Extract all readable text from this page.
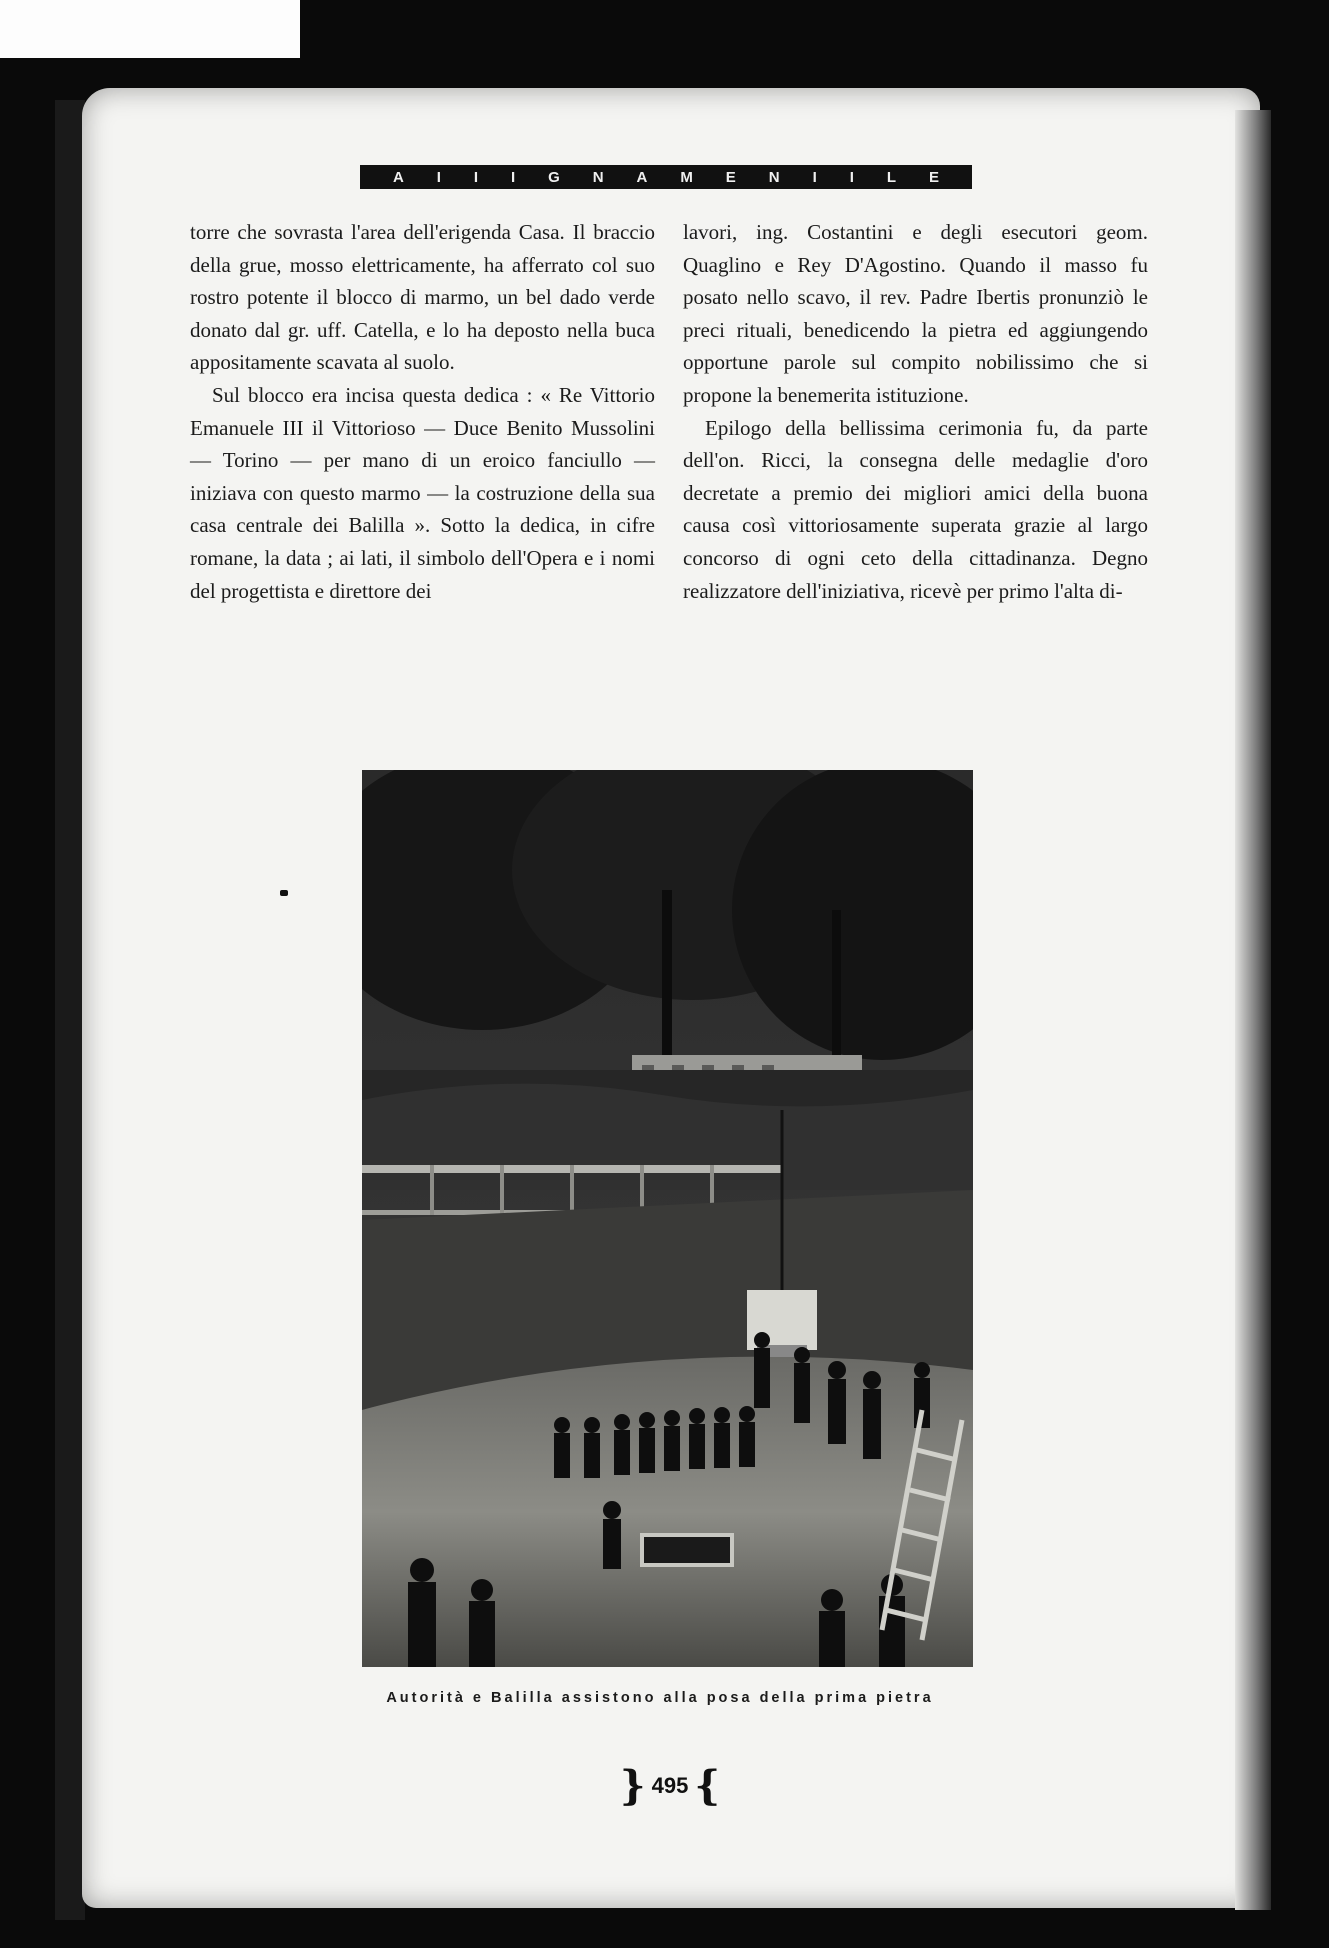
A I I I G N A M E N I I L E

torre che sovrasta l'area dell'erigenda Casa. Il braccio della grue, mosso elettricamente, ha afferrato col suo rostro potente il blocco di marmo, un bel dado verde donato dal gr. uff. Catella, e lo ha deposto nella buca appositamente scavata al suolo.

Sul blocco era incisa questa dedica : « Re Vittorio Emanuele III il Vittorioso — Duce Benito Mussolini — Torino — per mano di un eroico fanciullo — iniziava con questo marmo — la costruzione della sua casa centrale dei Balilla ». Sotto la dedica, in cifre romane, la data ; ai lati, il simbolo dell'Opera e i nomi del progettista e direttore dei

lavori, ing. Costantini e degli esecutori geom. Quaglino e Rey D'Agostino. Quando il masso fu posato nello scavo, il rev. Padre Ibertis pronunziò le preci rituali, benedicendo la pietra ed aggiungendo opportune parole sul compito nobilissimo che si propone la benemerita istituzione.

Epilogo della bellissima cerimonia fu, da parte dell'on. Ricci, la consegna delle medaglie d'oro decretate a premio dei migliori amici della buona causa così vittoriosamente superata grazie al largo concorso di ogni ceto della cittadinanza. Degno realizzatore dell'iniziativa, ricevè per primo l'alta di-

Autorità e Balilla assistono alla posa della prima pietra
} 495 {
